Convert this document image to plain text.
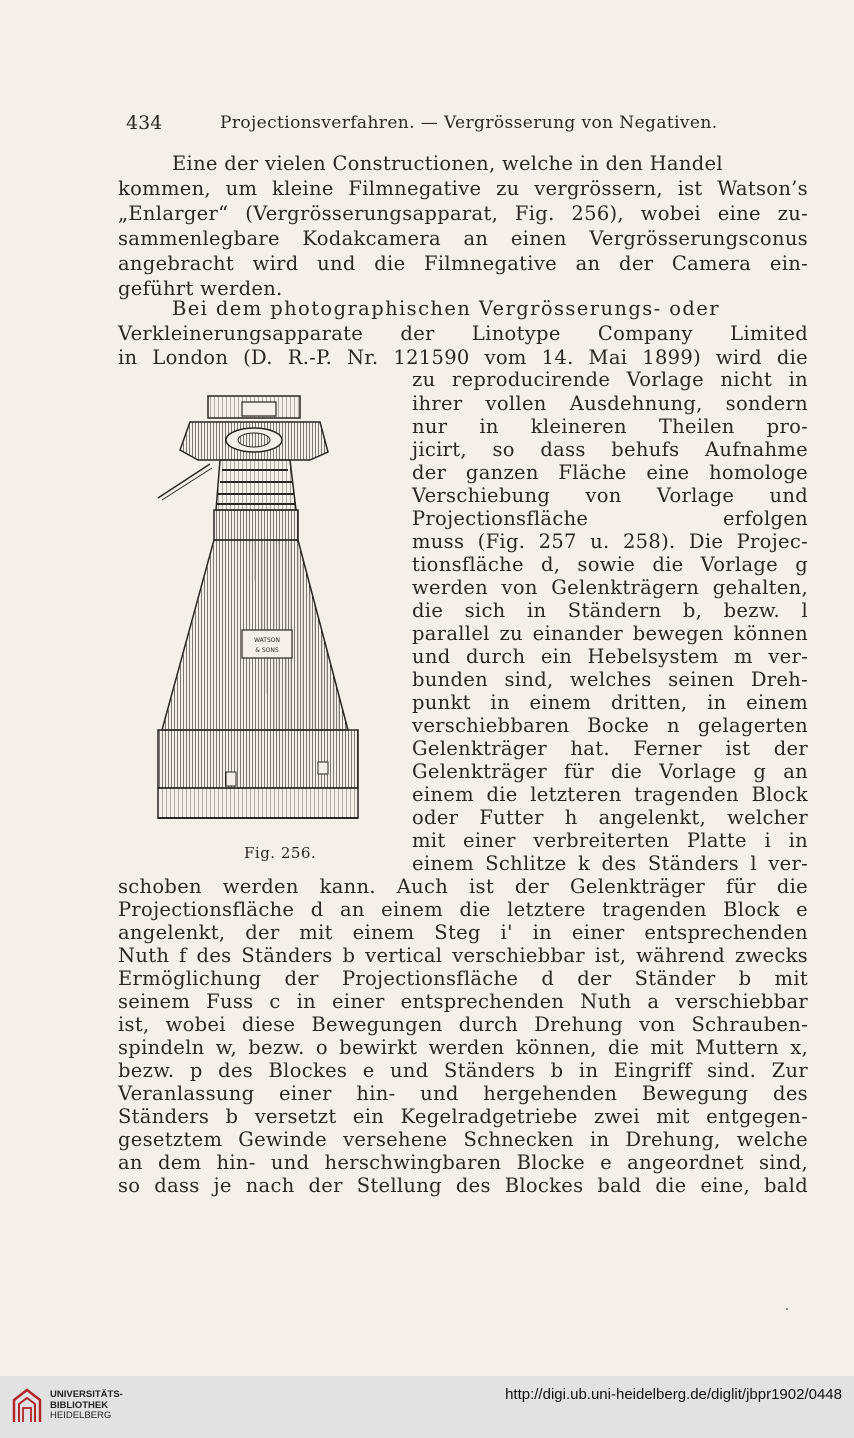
434	Projectionsverfahren. — Vergrösserung von Negativen.
Eine der vielen Constructionen, welche in den Handel
kommen, um kleine Filmnegative zu vergrössern, ist Watson’s
„Enlarger“ (Vergrösserungsapparat, Fig. 256), wobei eine zu-
sammenlegbare Kodakcamera an einen Vergrösserungsconus
angebracht wird und die Filmnegative an der Camera ein-
geführt werden.
Bei dem photographischen Vergrösserungs- oder
Verkleinerungsapparate der Linotype Company Limited
in London (D. R.-P. Nr. 121590 vom 14. Mai 1899) wird die
zu reproducirende Vorlage nicht in
ihrer vollen Ausdehnung, sondern
nur in kleineren Theilen pro-
jicirt, so dass behufs Aufnahme
der ganzen Fläche eine homologe
Verschiebung von Vorlage und
Projectionsfläche erfolgen
muss (Fig. 257 u. 258). Die Projec-
tionsfläche d, sowie die Vorlage g
werden von Gelenkträgern gehalten,
die sich in Ständern b, bezw. l
parallel zu einander bewegen können
und durch ein Hebelsystem m ver-
bunden sind, welches seinen Dreh-
punkt in einem dritten, in einem
verschiebbaren Bocke n gelagerten
Gelenkträger hat. Ferner ist der
Gelenkträger für die Vorlage g an
einem die letzteren tragenden Block
oder Futter h angelenkt, welcher
mit einer verbreiterten Platte i in
einem Schlitze k des Ständers l ver-
schoben werden kann. Auch ist der Gelenkträger für die
Projectionsfläche d an einem die letztere tragenden Block e
angelenkt, der mit einem Steg i' in einer entsprechenden
Nuth f des Ständers b vertical verschiebbar ist, während zwecks
Ermöglichung der Projectionsfläche d der Ständer b mit
seinem Fuss c in einer entsprechenden Nuth a verschiebbar
ist, wobei diese Bewegungen durch Drehung von Schrauben-
spindeln w, bezw. o bewirkt werden können, die mit Muttern x,
bezw. p des Blockes e und Ständers b in Eingriff sind. Zur
Veranlassung einer hin- und hergehenden Bewegung des
Ständers b versetzt ein Kegelradgetriebe zwei mit entgegen-
gesetztem Gewinde versehene Schnecken in Drehung, welche
an dem hin- und herschwingbaren Blocke e angeordnet sind,
so dass je nach der Stellung des Blockes bald die eine, bald
WATSON
& SONS
Fig. 256.
UNIVERSITÄTS-
BIBLIOTHEK
HEIDELBERG
http://digi.ub.uni-heidelberg.de/diglit/jbpr1902/0448
